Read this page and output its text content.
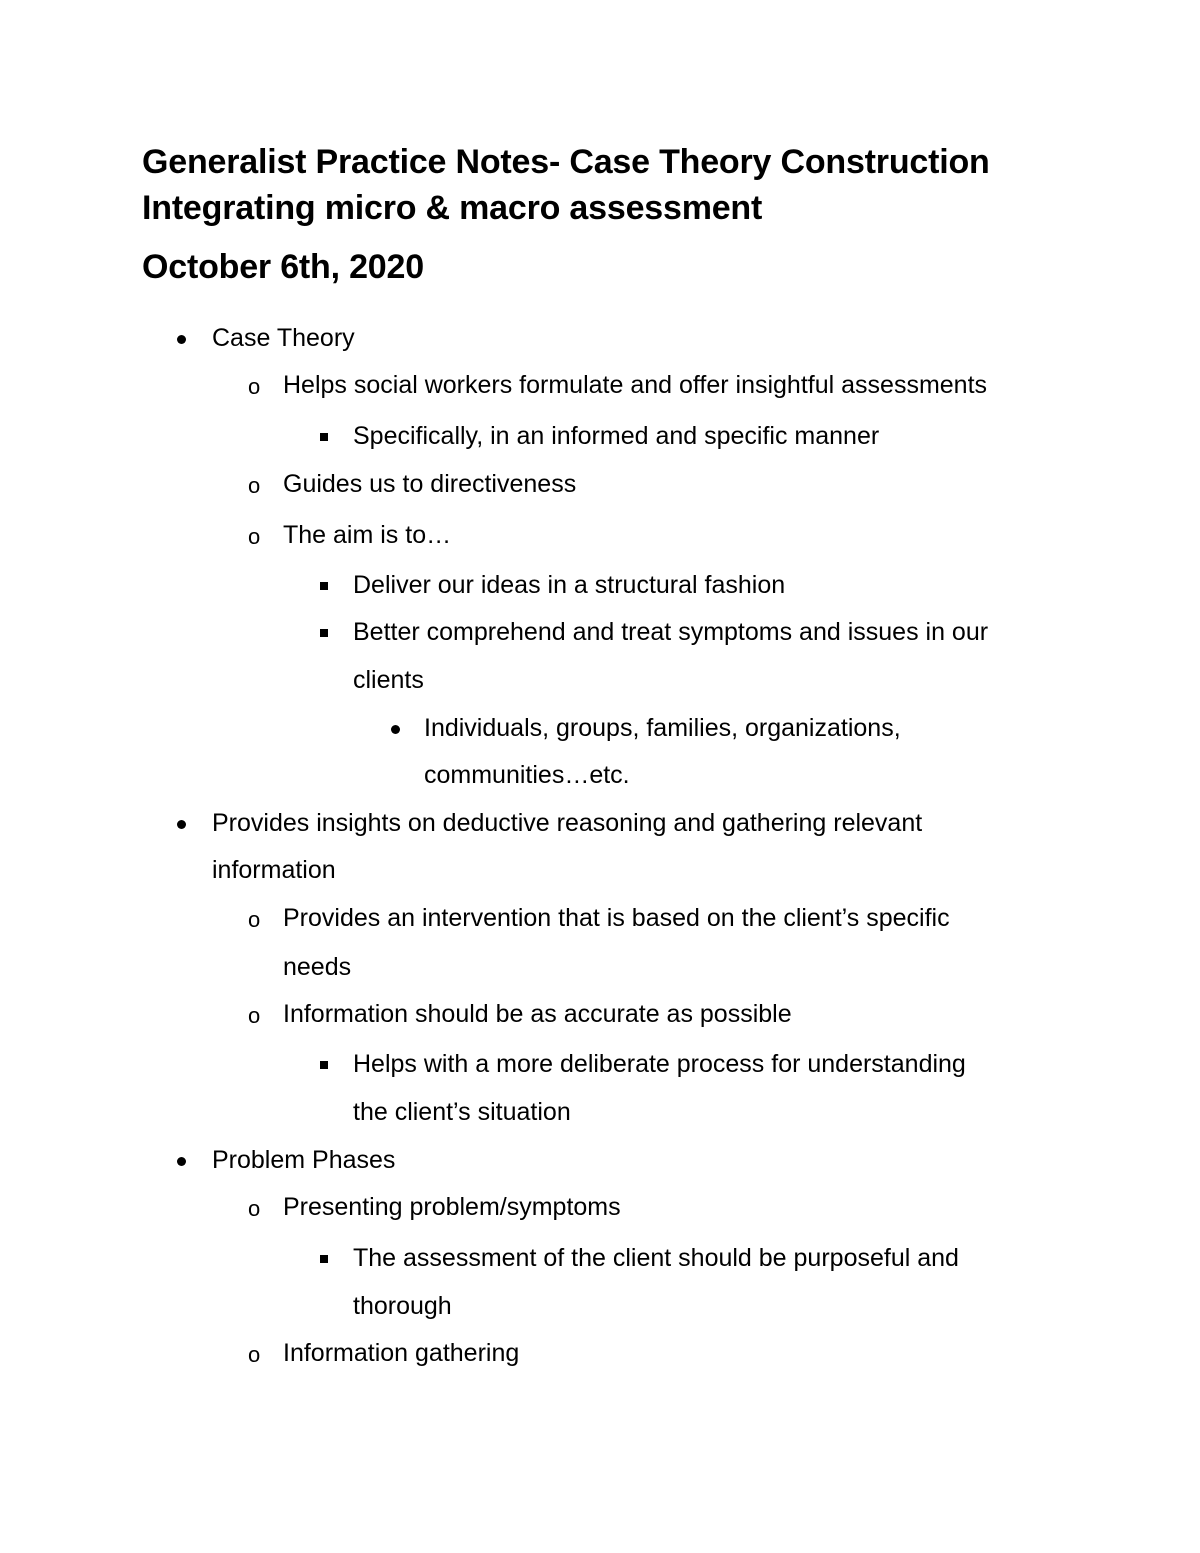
Generalist Practice Notes- Case Theory Construction
Integrating micro & macro assessment
October 6th, 2020

Case Theory

o Helps social workers formulate and offer insightful assessments

Specifically, in an informed and specific manner

o Guides us to directiveness

o The aim is to…

Deliver our ideas in a structural fashion

Better comprehend and treat symptoms and issues in our

clients

Individuals, groups, families, organizations,

communities…etc.

Provides insights on deductive reasoning and gathering relevant

information

o Provides an intervention that is based on the client’s specific

needs

o Information should be as accurate as possible

Helps with a more deliberate process for understanding

the client’s situation

Problem Phases

o Presenting problem/symptoms

The assessment of the client should be purposeful and

thorough

o Information gathering
